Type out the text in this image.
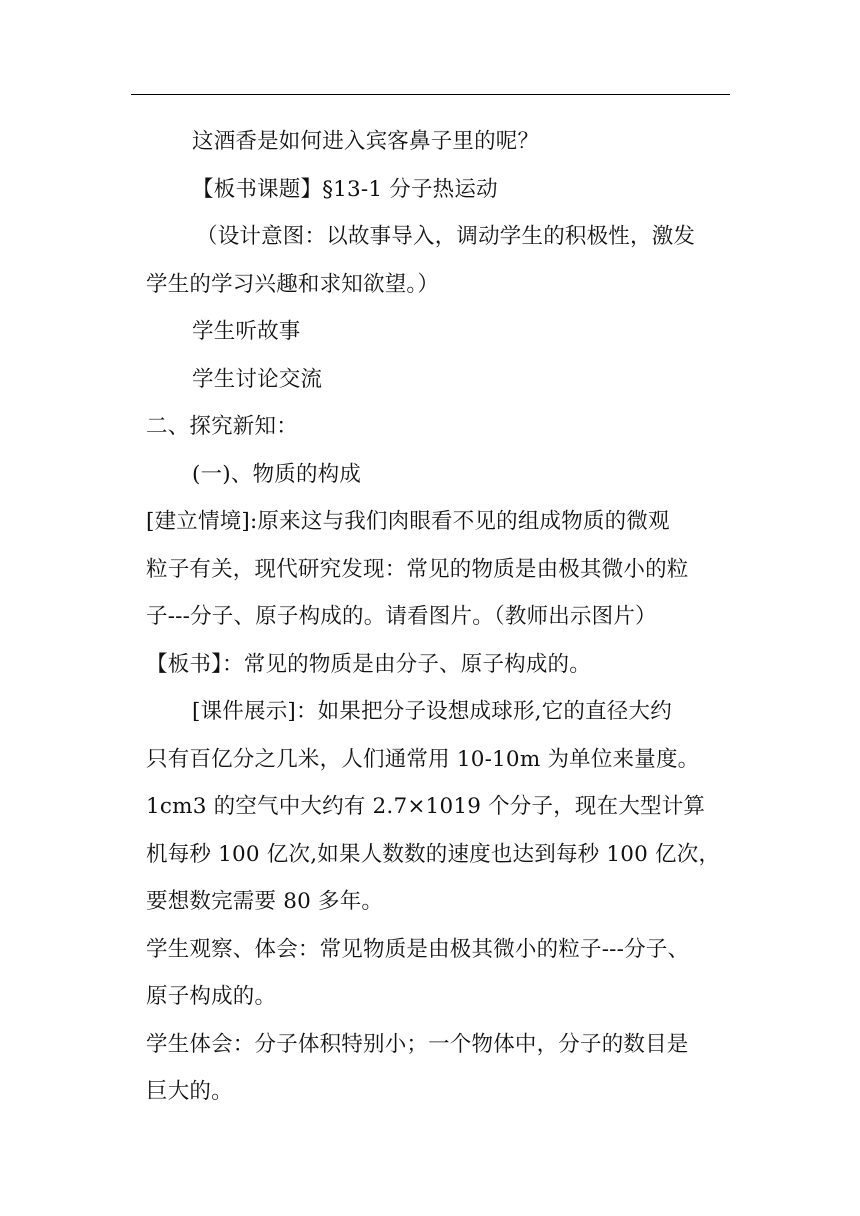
这酒香是如何进入宾客鼻子里的呢？
【板书课题】§13-1 分子热运动
（设计意图：以故事导入，调动学生的积极性，激发
学生的学习兴趣和求知欲望。）
学生听故事
学生讨论交流
二、探究新知：
(一)、物质的构成
[建立情境]:原来这与我们肉眼看不见的组成物质的微观
粒子有关，现代研究发现：常见的物质是由极其微小的粒
子---分子、原子构成的。请看图片。（教师出示图片）
【板书】：常见的物质是由分子、原子构成的。
[课件展示]：如果把分子设想成球形,它的直径大约
只有百亿分之几米，人们通常用 10-10m 为单位来量度。
1cm3 的空气中大约有 2.7×1019 个分子，现在大型计算
机每秒 100 亿次,如果人数数的速度也达到每秒 100 亿次，
要想数完需要 80 多年。
学生观察、体会：常见物质是由极其微小的粒子---分子、
原子构成的。
学生体会：分子体积特别小；一个物体中，分子的数目是
巨大的。
